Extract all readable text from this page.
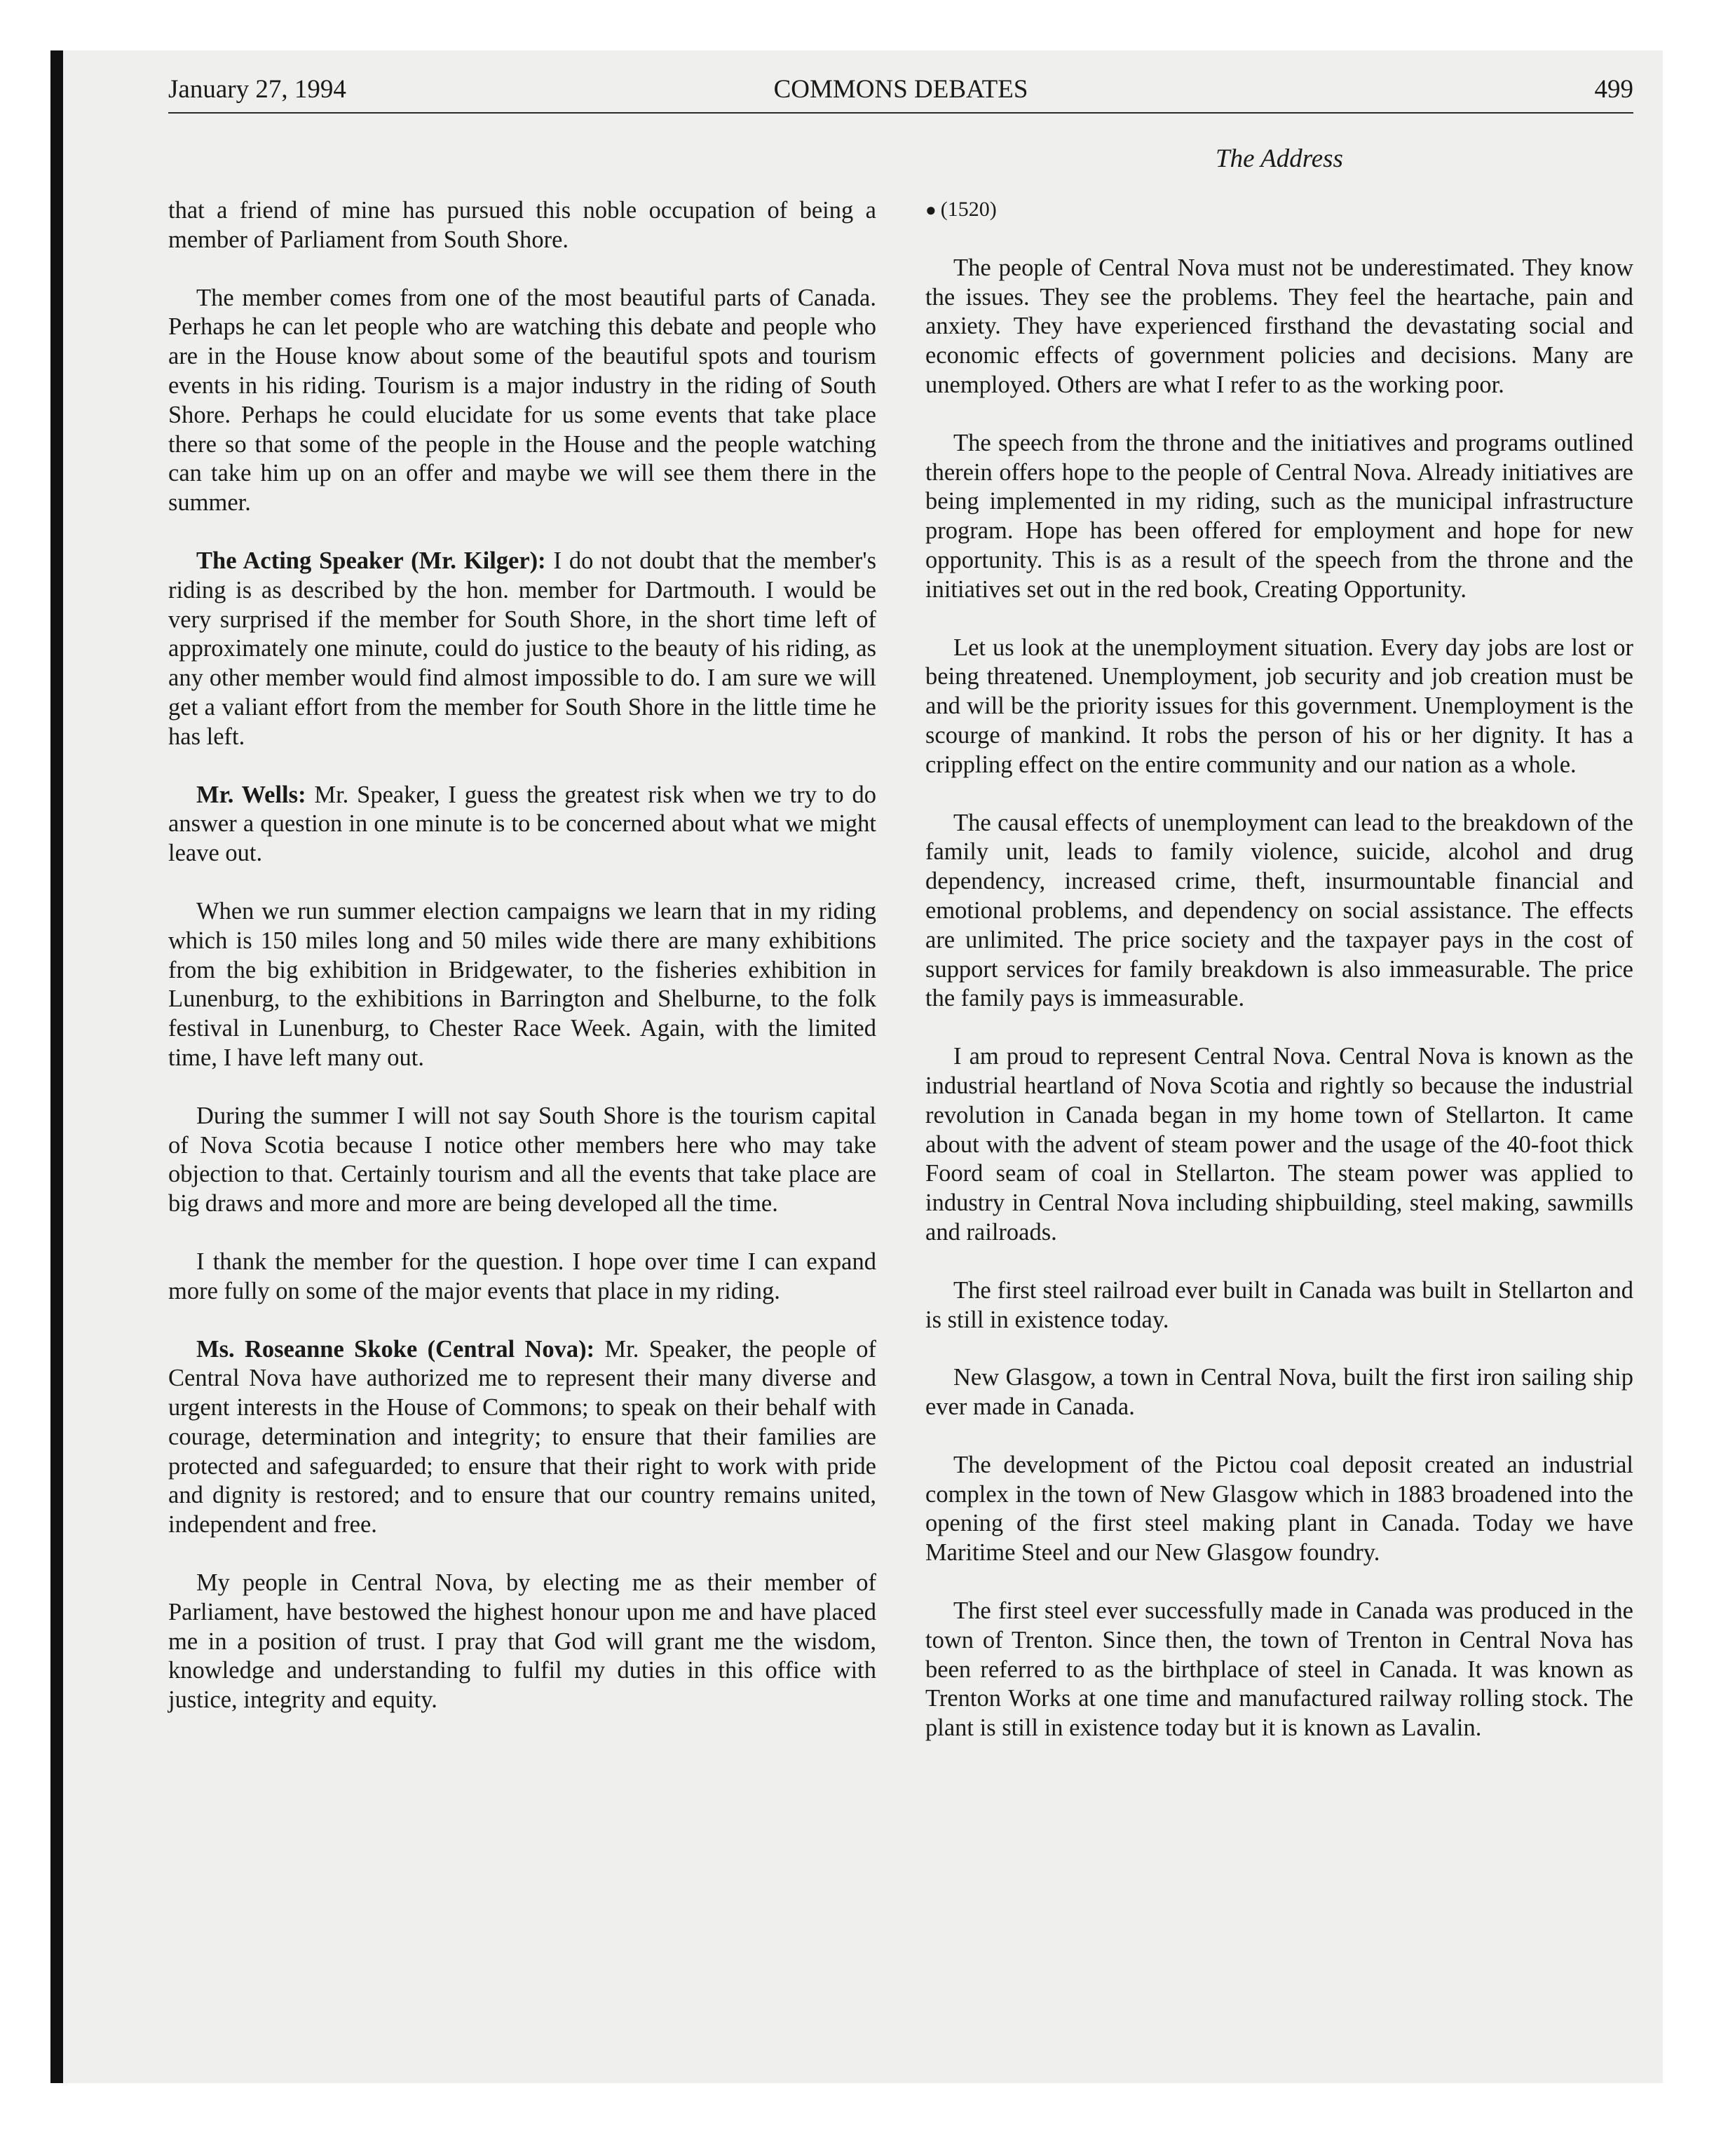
January 27, 1994	COMMONS DEBATES	499
The Address

that a friend of mine has pursued this noble occupation of being a member of Parliament from South Shore.

The member comes from one of the most beautiful parts of Canada. Perhaps he can let people who are watching this debate and people who are in the House know about some of the beautiful spots and tourism events in his riding. Tourism is a major industry in the riding of South Shore. Perhaps he could elucidate for us some events that take place there so that some of the people in the House and the people watching can take him up on an offer and maybe we will see them there in the summer.

The Acting Speaker (Mr. Kilger): I do not doubt that the member's riding is as described by the hon. member for Dartmouth. I would be very surprised if the member for South Shore, in the short time left of approximately one minute, could do justice to the beauty of his riding, as any other member would find almost impossible to do. I am sure we will get a valiant effort from the member for South Shore in the little time he has left.

Mr. Wells: Mr. Speaker, I guess the greatest risk when we try to do answer a question in one minute is to be concerned about what we might leave out.

When we run summer election campaigns we learn that in my riding which is 150 miles long and 50 miles wide there are many exhibitions from the big exhibition in Bridgewater, to the fisheries exhibition in Lunenburg, to the exhibitions in Barrington and Shelburne, to the folk festival in Lunenburg, to Chester Race Week. Again, with the limited time, I have left many out.

During the summer I will not say South Shore is the tourism capital of Nova Scotia because I notice other members here who may take objection to that. Certainly tourism and all the events that take place are big draws and more and more are being developed all the time.

I thank the member for the question. I hope over time I can expand more fully on some of the major events that place in my riding.

Ms. Roseanne Skoke (Central Nova): Mr. Speaker, the people of Central Nova have authorized me to represent their many diverse and urgent interests in the House of Commons; to speak on their behalf with courage, determination and integrity; to ensure that their families are protected and safeguarded; to ensure that their right to work with pride and dignity is restored; and to ensure that our country remains united, independent and free.

My people in Central Nova, by electing me as their member of Parliament, have bestowed the highest honour upon me and have placed me in a position of trust. I pray that God will grant me the wisdom, knowledge and understanding to fulfil my duties in this office with justice, integrity and equity.

● (1520)

The people of Central Nova must not be underestimated. They know the issues. They see the problems. They feel the heartache, pain and anxiety. They have experienced firsthand the devastating social and economic effects of government policies and decisions. Many are unemployed. Others are what I refer to as the working poor.

The speech from the throne and the initiatives and programs outlined therein offers hope to the people of Central Nova. Already initiatives are being implemented in my riding, such as the municipal infrastructure program. Hope has been offered for employment and hope for new opportunity. This is as a result of the speech from the throne and the initiatives set out in the red book, Creating Opportunity.

Let us look at the unemployment situation. Every day jobs are lost or being threatened. Unemployment, job security and job creation must be and will be the priority issues for this government. Unemployment is the scourge of mankind. It robs the person of his or her dignity. It has a crippling effect on the entire community and our nation as a whole.

The causal effects of unemployment can lead to the breakdown of the family unit, leads to family violence, suicide, alcohol and drug dependency, increased crime, theft, insurmountable financial and emotional problems, and dependency on social assistance. The effects are unlimited. The price society and the taxpayer pays in the cost of support services for family breakdown is also immeasurable. The price the family pays is immeasurable.

I am proud to represent Central Nova. Central Nova is known as the industrial heartland of Nova Scotia and rightly so because the industrial revolution in Canada began in my home town of Stellarton. It came about with the advent of steam power and the usage of the 40-foot thick Foord seam of coal in Stellarton. The steam power was applied to industry in Central Nova including shipbuilding, steel making, sawmills and railroads.

The first steel railroad ever built in Canada was built in Stellarton and is still in existence today.

New Glasgow, a town in Central Nova, built the first iron sailing ship ever made in Canada.

The development of the Pictou coal deposit created an industrial complex in the town of New Glasgow which in 1883 broadened into the opening of the first steel making plant in Canada. Today we have Maritime Steel and our New Glasgow foundry.

The first steel ever successfully made in Canada was produced in the town of Trenton. Since then, the town of Trenton in Central Nova has been referred to as the birthplace of steel in Canada. It was known as Trenton Works at one time and manufactured railway rolling stock. The plant is still in existence today but it is known as Lavalin.
